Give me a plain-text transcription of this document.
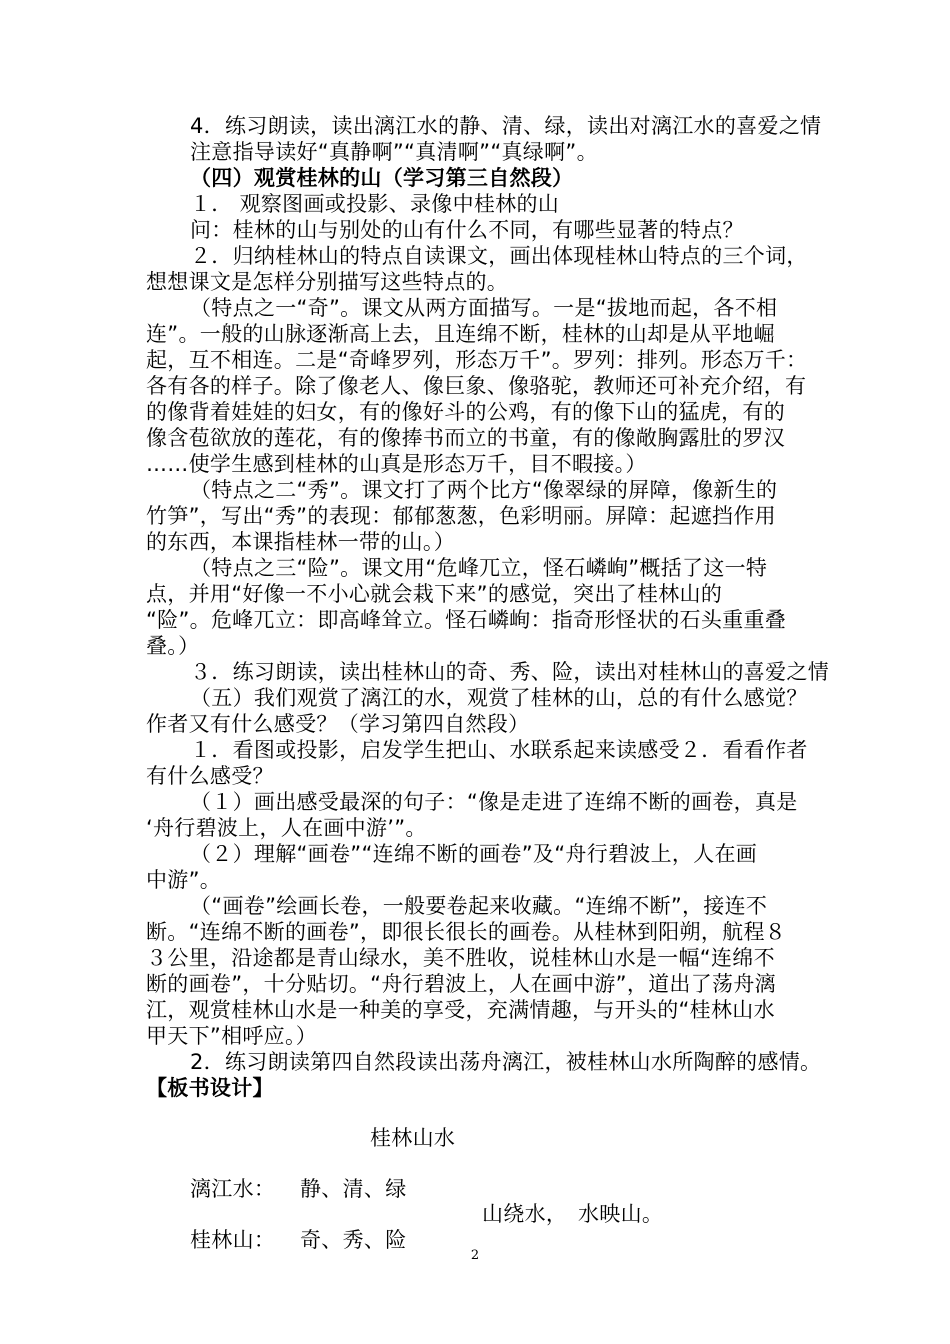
4．练习朗读，读出漓江水的静、清、绿，读出对漓江水的喜爱之情
注意指导读好“真静啊”“真清啊”“真绿啊”。
（四）观赏桂林的山（学习第三自然段）
１． 观察图画或投影、录像中桂林的山
问：桂林的山与别处的山有什么不同，有哪些显著的特点？
２．归纳桂林山的特点自读课文，画出体现桂林山特点的三个词，
想想课文是怎样分别描写这些特点的。
（特点之一“奇”。课文从两方面描写。一是“拔地而起，各不相
连”。一般的山脉逐渐高上去，且连绵不断，桂林的山却是从平地崛
起，互不相连。二是“奇峰罗列，形态万千”。罗列：排列。形态万千：
各有各的样子。除了像老人、像巨象、像骆驼，教师还可补充介绍，有
的像背着娃娃的妇女，有的像好斗的公鸡，有的像下山的猛虎，有的
像含苞欲放的莲花，有的像捧书而立的书童，有的像敞胸露肚的罗汉
……使学生感到桂林的山真是形态万千，目不暇接。）
（特点之二“秀”。课文打了两个比方“像翠绿的屏障，像新生的
竹笋”，写出“秀”的表现：郁郁葱葱，色彩明丽。屏障：起遮挡作用
的东西，本课指桂林一带的山。）
（特点之三“险”。课文用“危峰兀立，怪石嶙峋”概括了这一特
点，并用“好像一不小心就会栽下来”的感觉，突出了桂林山的
“险”。危峰兀立：即高峰耸立。怪石嶙峋：指奇形怪状的石头重重叠
叠。）
３．练习朗读，读出桂林山的奇、秀、险，读出对桂林山的喜爱之情
（五）我们观赏了漓江的水，观赏了桂林的山，总的有什么感觉？
作者又有什么感受？（学习第四自然段）
１．看图或投影，启发学生把山、水联系起来读感受２．看看作者
有什么感受？
（１）画出感受最深的句子：“像是走进了连绵不断的画卷，真是
‘舟行碧波上，人在画中游’”。
（２）理解“画卷”“连绵不断的画卷”及“舟行碧波上，人在画
中游”。
（“画卷”绘画长卷，一般要卷起来收藏。“连绵不断”，接连不
断。“连绵不断的画卷”，即很长很长的画卷。从桂林到阳朔，航程８
３公里，沿途都是青山绿水，美不胜收，说桂林山水是一幅“连绵不
断的画卷”，十分贴切。“舟行碧波上，人在画中游”，道出了荡舟漓
江，观赏桂林山水是一种美的享受，充满情趣，与开头的“桂林山水
甲天下”相呼应。）
2．练习朗读第四自然段读出荡舟漓江，被桂林山水所陶醉的感情。
【板书设计】
桂林山水
漓江水： 静、清、绿
山绕水，　水映山。
桂林山： 奇、秀、险
2
